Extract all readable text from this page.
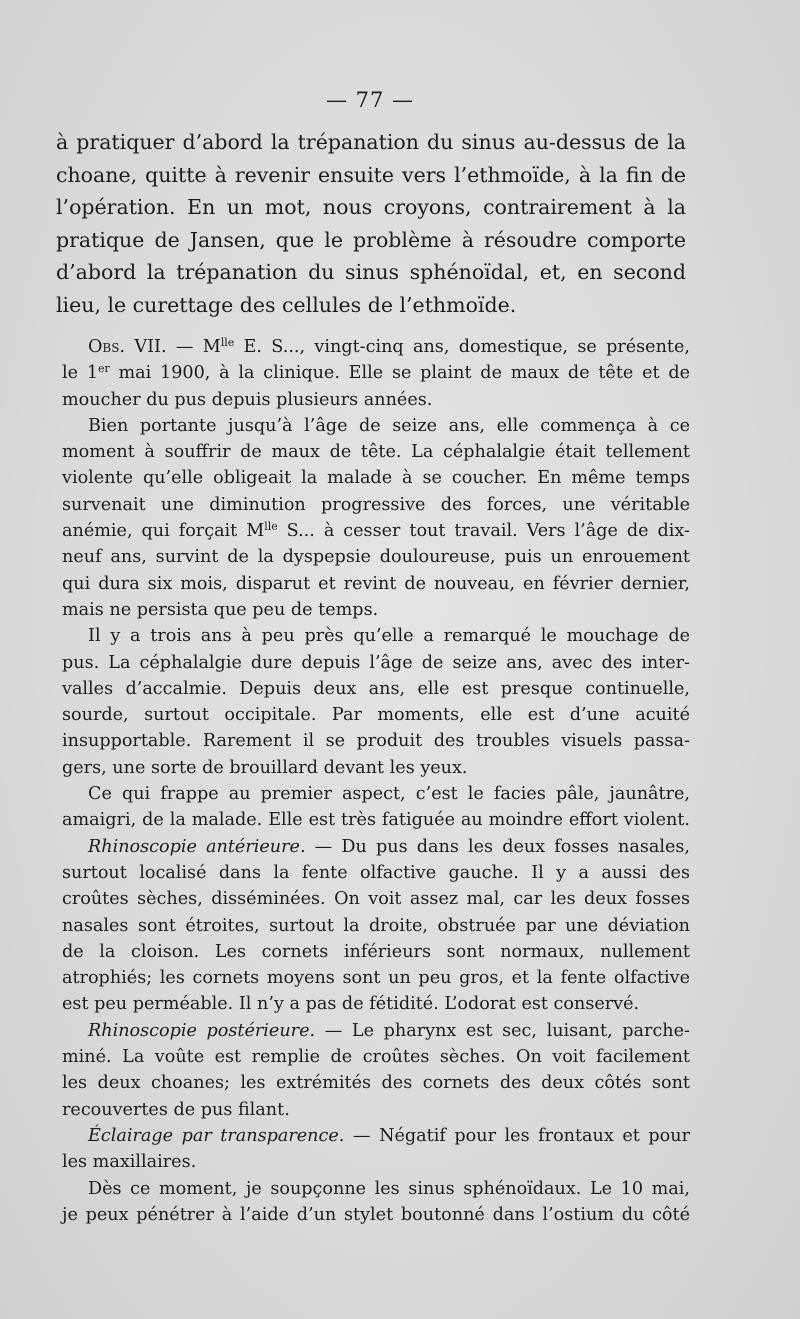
— 77 —
à pratiquer d’abord la trépanation du sinus au-dessus de la
choane, quitte à revenir ensuite vers l’ethmoïde, à la fin de
l’opération. En un mot, nous croyons, contrairement à la
pratique de Jansen, que le problème à résoudre comporte
d’abord la trépanation du sinus sphénoïdal, et, en second
lieu, le curettage des cellules de l’ethmoïde.
Obs. VII. — $M^{lle}$ E. S..., vingt-cinq ans, domestique, se présente,
le 1er mai 1900, à la clinique. Elle se plaint de maux de tête et de
moucher du pus depuis plusieurs années.
Bien portante jusqu’à l’âge de seize ans, elle commença à ce
moment à souffrir de maux de tête. La céphalalgie était tellement
violente qu’elle obligeait la malade à se coucher. En même temps
survenait une diminution progressive des forces, une véritable
anémie, qui forçait $M^{lle}$ S... à cesser tout travail. Vers l’âge de dix-
neuf ans, survint de la dyspepsie douloureuse, puis un enrouement
qui dura six mois, disparut et revint de nouveau, en février dernier,
mais ne persista que peu de temps.
Il y a trois ans à peu près qu’elle a remarqué le mouchage de
pus. La céphalalgie dure depuis l’âge de seize ans, avec des inter-
valles d’accalmie. Depuis deux ans, elle est presque continuelle,
sourde, surtout occipitale. Par moments, elle est d’une acuité
insupportable. Rarement il se produit des troubles visuels passa-
gers, une sorte de brouillard devant les yeux.
Ce qui frappe au premier aspect, c’est le facies pâle, jaunâtre,
amaigri, de la malade. Elle est très fatiguée au moindre effort violent.
Rhinoscopie antérieure. — Du pus dans les deux fosses nasales,
surtout localisé dans la fente olfactive gauche. Il y a aussi des
croûtes sèches, disséminées. On voit assez mal, car les deux fosses
nasales sont étroites, surtout la droite, obstruée par une déviation
de la cloison. Les cornets inférieurs sont normaux, nullement
atrophiés; les cornets moyens sont un peu gros, et la fente olfactive
est peu perméable. Il n’y a pas de fétidité. L’odorat est conservé.
Rhinoscopie postérieure. — Le pharynx est sec, luisant, parche-
miné. La voûte est remplie de croûtes sèches. On voit facilement
les deux choanes; les extrémités des cornets des deux côtés sont
recouvertes de pus filant.
Éclairage par transparence. — Négatif pour les frontaux et pour
les maxillaires.
Dès ce moment, je soupçonne les sinus sphénoïdaux. Le 10 mai,
je peux pénétrer à l’aide d’un stylet boutonné dans l’ostium du côté
